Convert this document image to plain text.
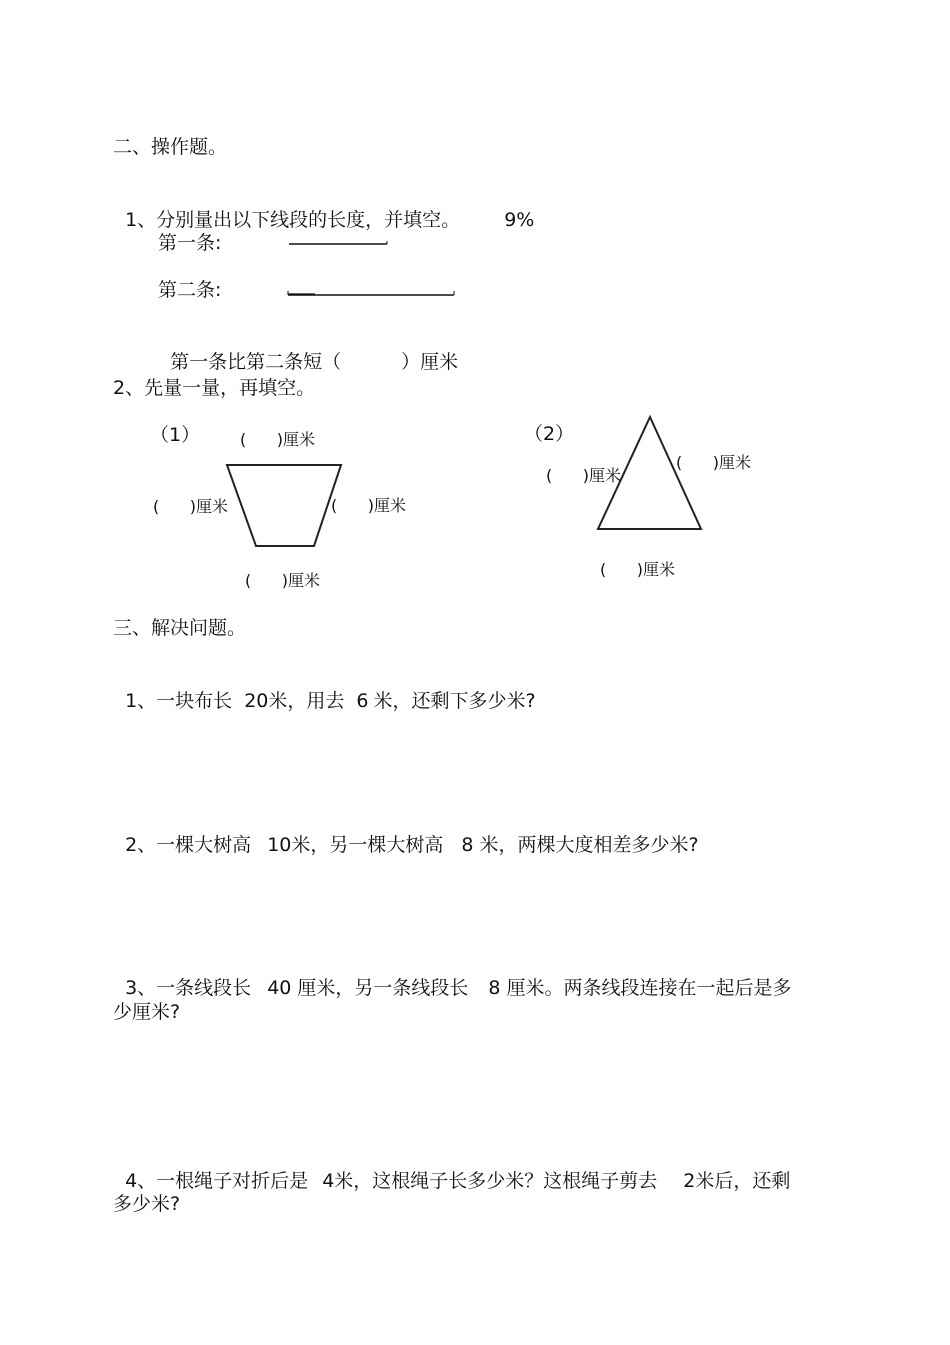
二、操作题。

1、分别量出以下线段的长度，并填空。 9%

第一条:
第二条:

第一条比第二条短（	）厘米

2、先量一量，再填空。
（1）	（2）
(      )厘米
(      )厘米	(      )厘米
(      )厘米
(      )厘米
(      )厘米
(      )厘米
三、解决问题。

1、一块布长 20米，用去 6 米，还剩下多少米?

2、一棵大树高 10米，另一棵大树高 8 米，两棵大度相差多少米?

3、一条线段长 40 厘米，另一条线段长 8 厘米。两条线段连接在一起后是多

少厘米?

4、一根绳子对折后是 4米，这根绳子长多少米？这根绳子剪去 2米后，还剩

多少米?
